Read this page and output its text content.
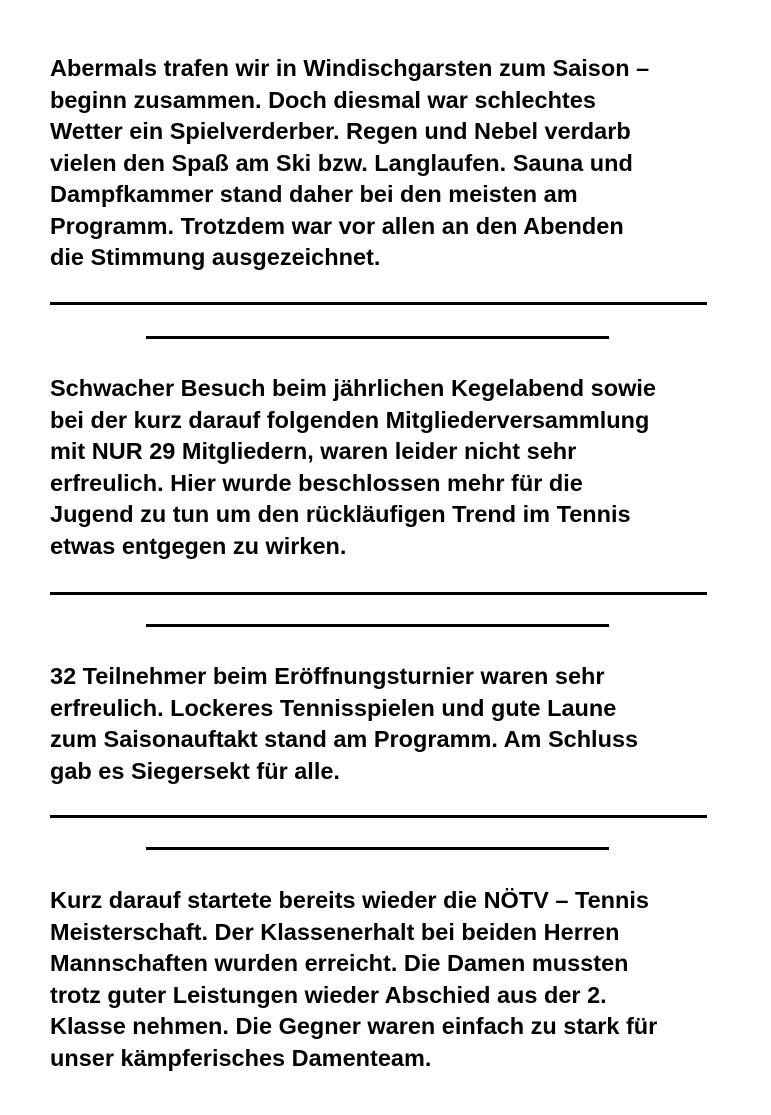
Abermals trafen wir in Windischgarsten zum Saison –
beginn zusammen. Doch diesmal war schlechtes
Wetter ein Spielverderber. Regen und Nebel verdarb
vielen den Spaß am Ski bzw. Langlaufen. Sauna und
Dampfkammer stand daher bei den meisten am
Programm. Trotzdem war vor allen an den Abenden
die Stimmung ausgezeichnet.
Schwacher Besuch beim jährlichen Kegelabend sowie
bei der kurz darauf folgenden Mitgliederversammlung
mit NUR 29 Mitgliedern, waren leider nicht sehr
erfreulich. Hier wurde beschlossen mehr für die
Jugend zu tun um den rückläufigen Trend im Tennis
etwas entgegen zu wirken.
32 Teilnehmer beim Eröffnungsturnier waren sehr
erfreulich. Lockeres Tennisspielen und gute Laune
zum Saisonauftakt stand am Programm. Am Schluss
gab es Siegersekt für alle.
Kurz darauf startete bereits wieder die NÖTV – Tennis
Meisterschaft. Der Klassenerhalt bei beiden Herren
Mannschaften wurden erreicht. Die Damen mussten
trotz guter Leistungen wieder Abschied aus der 2.
Klasse nehmen. Die Gegner waren einfach zu stark für
unser kämpferisches Damenteam.
